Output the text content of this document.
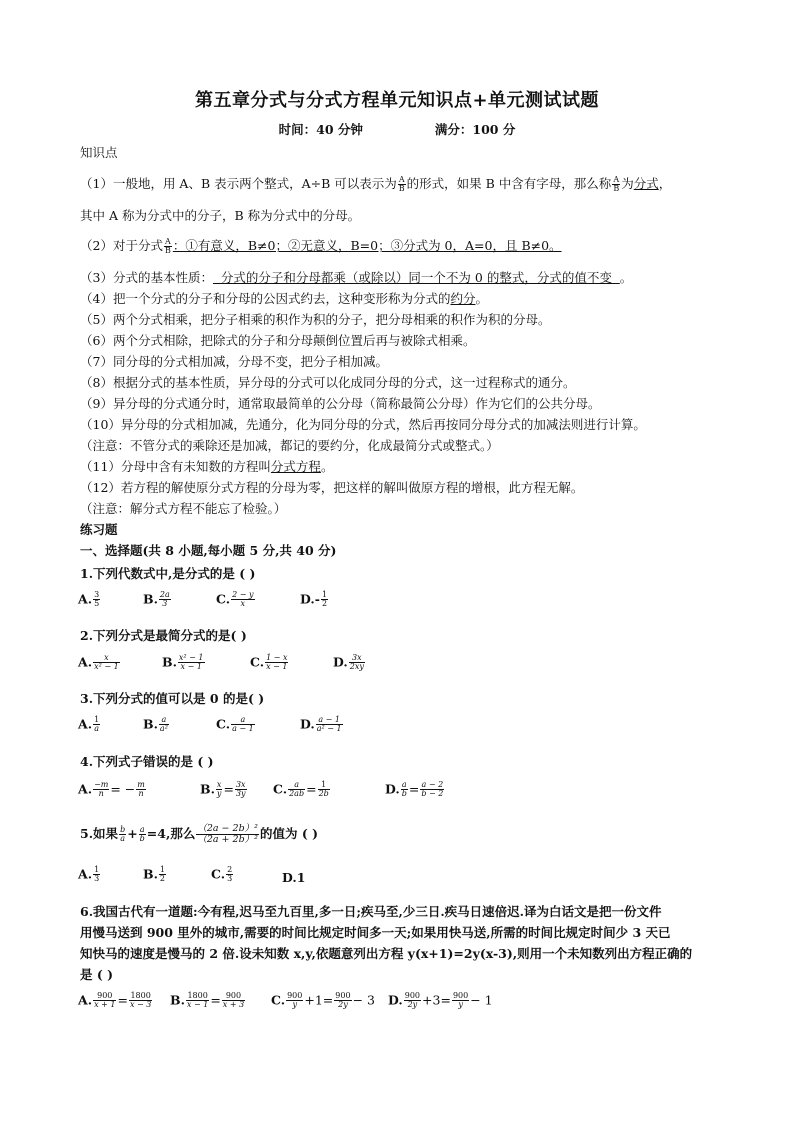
第五章分式与分式方程单元知识点+单元测试试题
时间：40 分钟	满分：100 分
知识点
（1）一般地，用 A、B 表示两个整式，A÷B 可以表示为 $\frac{A}{B}$ 的形式，如果 B 中含有字母，那么称 $\frac{A}{B}$ 为分式，
其中 A 称为分式中的分子，B 称为分式中的分母。
（2）对于分式 $\frac{A}{B}$ ：①有意义，B≠0；②无意义，B=0；③分式为 0，A=0，且 B≠0。
（3）分式的基本性质：  分式的分子和分母都乘（或除以）同一个不为 0 的整式，分式的值不变  。
（4）把一个分式的分子和分母的公因式约去，这种变形称为分式的约分。
（5）两个分式相乘，把分子相乘的积作为积的分子，把分母相乘的积作为积的分母。
（6）两个分式相除，把除式的分子和分母颠倒位置后再与被除式相乘。
（7）同分母的分式相加减，分母不变，把分子相加减。
（8）根据分式的基本性质，异分母的分式可以化成同分母的分式，这一过程称式的通分。
（9）异分母的分式通分时，通常取最简单的公分母（简称最简公分母）作为它们的公共分母。
（10）异分母的分式相加减，先通分，化为同分母的分式，然后再按同分母分式的加减法则进行计算。
（注意：不管分式的乘除还是加减，都记的要约分，化成最简分式或整式。）
（11）分母中含有未知数的方程叫分式方程。
（12）若方程的解使原分式方程的分母为零，把这样的解叫做原方程的增根，此方程无解。
（注意：解分式方程不能忘了检验。）
练习题
一、选择题(共 8 小题,每小题 5 分,共 40 分)
1.下列代数式中,是分式的是 ( )
A. $\frac{3}{5}$	B. $\frac{2a}{3}$	C. $\frac{2 - y}{x}$	$D.- \frac{1}{2}$
2.下列分式是最简分式的是( )
A. $\frac{x}{\text{x² − 1}}$	B. $\frac{\text{x² − 1}}{x - 1}$	C. $\frac{1 - x}{x - 1}$	D. $\frac{3x}{2xy}$
3.下列分式的值可以是 0 的是( )
A. $\frac{1}{a}$	B. $\frac{a}{\text{a²}}$	C. $\frac{a}{a - 1}$	D. $\frac{a - 1}{\text{a² − 1}}$
4.下列式子错误的是 ( )
A. $\frac{-m}{n}$ = − $\frac{m}{n}$	B. $\frac{x}{y} = \frac{3x}{3y} C$. $\frac{a}{2ab} = \frac{1}{2b}$	D. $\frac{a}{b} = \frac{a - 2}{b - 2}$
5.如果 $\frac{b}{a} + \frac{a}{b} =4$,那么 $\frac{\text{（2a − 2b）²}}{\text{（2a + 2b）²}}$ 的值为 ( )
A. $\frac{1}{3}$	B. $\frac{1}{2}$	C. $\frac{2}{3}$	D.1
6.我国古代有一道题:今有程,迟马至九百里,多一日;疾马至,少三日.疾马日速倍迟.译为白话文是把一份文件
用慢马送到 900 里外的城市,需要的时间比规定时间多一天;如果用快马送,所需的时间比规定时间少 3 天已
知快马的速度是慢马的 2 倍.设未知数 x,y,依题意列出方程 y(x+1)=2y(x-3),则用一个未知数列出方程正确的
是 ( )
A. $\frac{900}{x + 1} = \frac{1800}{x - 3} B$. $\frac{1800}{x - 1} = \frac{900}{x + 3} C$. $\frac{900}{y} +1= \frac{900}{2y} - 3$ D. $\frac{900}{2y} +3= \frac{900}{y} - 1$
